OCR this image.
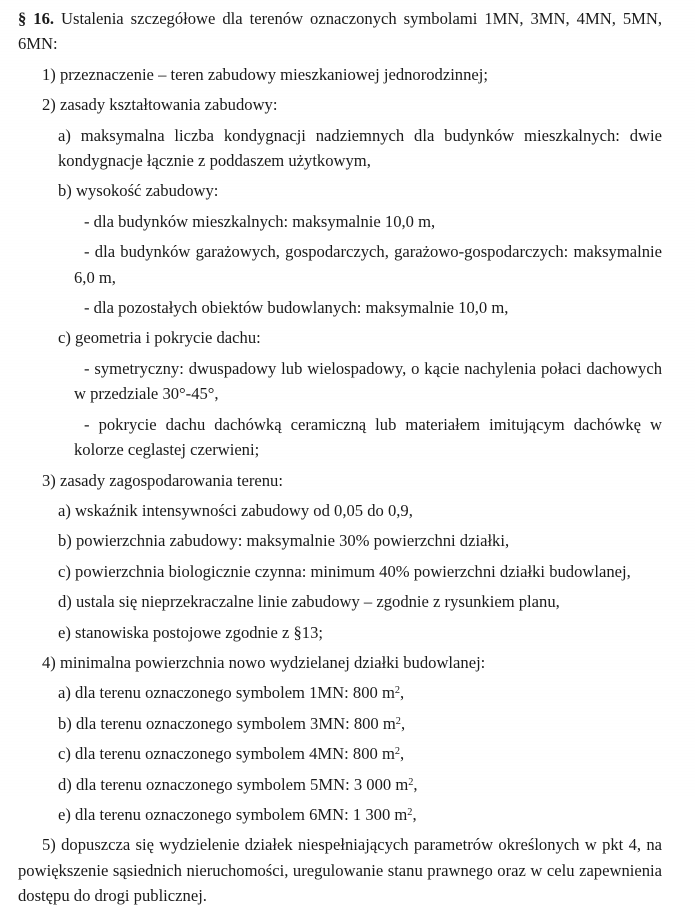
§ 16. Ustalenia szczegółowe dla terenów oznaczonych symbolami 1MN, 3MN, 4MN, 5MN, 6MN:

1) przeznaczenie – teren zabudowy mieszkaniowej jednorodzinnej;

2) zasady kształtowania zabudowy:

a) maksymalna liczba kondygnacji nadziemnych dla budynków mieszkalnych: dwie kondygnacje łącznie z poddaszem użytkowym,

b) wysokość zabudowy:

- dla budynków mieszkalnych: maksymalnie 10,0 m,

- dla budynków garażowych, gospodarczych, garażowo-gospodarczych: maksymalnie 6,0 m,

- dla pozostałych obiektów budowlanych: maksymalnie 10,0 m,

c) geometria i pokrycie dachu:

- symetryczny: dwuspadowy lub wielospadowy, o kącie nachylenia połaci dachowych w przedziale 30°-45°,

- pokrycie dachu dachówką ceramiczną lub materiałem imitującym dachówkę w kolorze ceglastej czerwieni;

3) zasady zagospodarowania terenu:

a) wskaźnik intensywności zabudowy od 0,05 do 0,9,

b) powierzchnia zabudowy: maksymalnie 30% powierzchni działki,

c) powierzchnia biologicznie czynna: minimum 40% powierzchni działki budowlanej,

d) ustala się nieprzekraczalne linie zabudowy – zgodnie z rysunkiem planu,

e) stanowiska postojowe zgodnie z §13;

4) minimalna powierzchnia nowo wydzielanej działki budowlanej:

a) dla terenu oznaczonego symbolem 1MN: 800 $m^2$,

b) dla terenu oznaczonego symbolem 3MN: 800 $m^2$,

c) dla terenu oznaczonego symbolem 4MN: 800 $m^2$,

d) dla terenu oznaczonego symbolem 5MN: 3 000 $m^2$,

e) dla terenu oznaczonego symbolem 6MN: 1 300 $m^2$,

5) dopuszcza się wydzielenie działek niespełniających parametrów określonych w pkt 4, na powiększenie sąsiednich nieruchomości, uregulowanie stanu prawnego oraz w celu zapewnienia dostępu do drogi publicznej.
